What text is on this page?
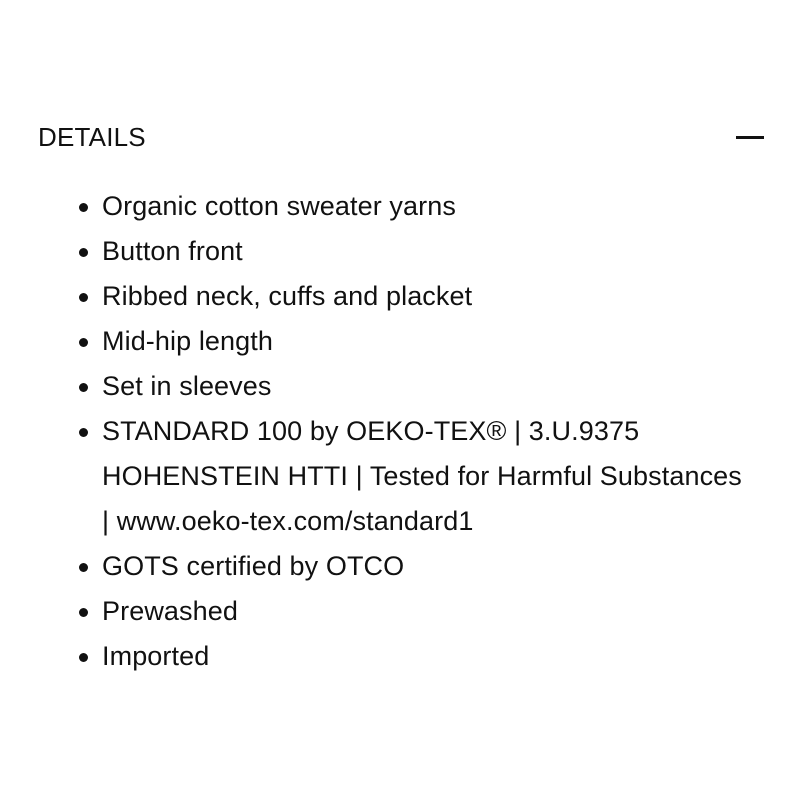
DETAILS
Organic cotton sweater yarns
Button front
Ribbed neck, cuffs and placket
Mid-hip length
Set in sleeves
STANDARD 100 by OEKO-TEX® | 3.U.9375 HOHENSTEIN HTTI | Tested for Harmful Substances | www.oeko-tex.com/standard1
GOTS certified by OTCO
Prewashed
Imported
